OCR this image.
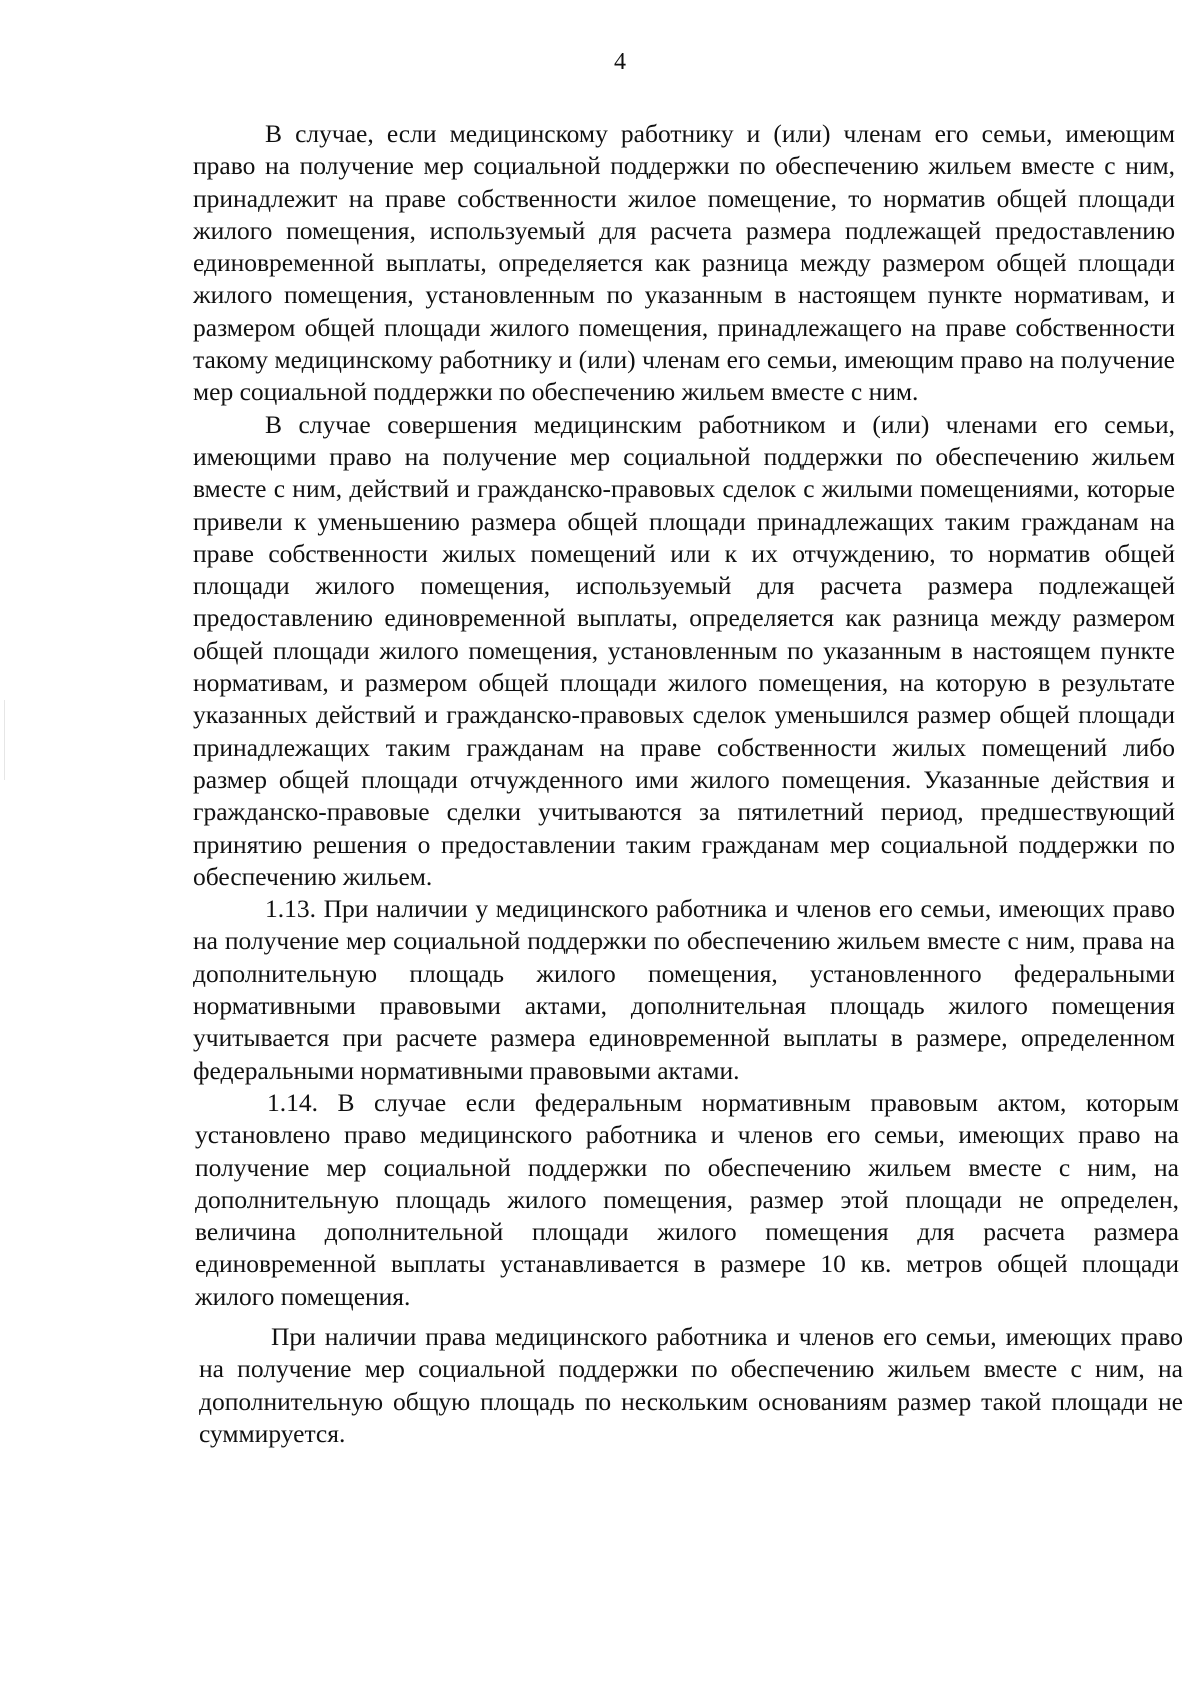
4

В случае, если медицинскому работнику и (или) членам его семьи, имеющим право на получение мер социальной поддержки по обеспечению жильем вместе с ним, принадлежит на праве собственности жилое помещение, то норматив общей площади жилого помещения, используемый для расчета размера подлежащей предоставлению единовременной выплаты, определяется как разница между размером общей площади жилого помещения, установленным по указанным в настоящем пункте нормативам, и размером общей площади жилого помещения, принадлежащего на праве собственности такому медицинскому работнику и (или) членам его семьи, имеющим право на получение мер социальной поддержки по обеспечению жильем вместе с ним.

В случае совершения медицинским работником и (или) членами его семьи, имеющими право на получение мер социальной поддержки по обеспечению жильем вместе с ним, действий и гражданско-правовых сделок с жилыми помещениями, которые привели к уменьшению размера общей площади принадлежащих таким гражданам на праве собственности жилых помещений или к их отчуждению, то норматив общей площади жилого помещения, используемый для расчета размера подлежащей предоставлению единовременной выплаты, определяется как разница между размером общей площади жилого помещения, установленным по указанным в настоящем пункте нормативам, и размером общей площади жилого помещения, на которую в результате указанных действий и гражданско-правовых сделок уменьшился размер общей площади принадлежащих таким гражданам на праве собственности жилых помещений либо размер общей площади отчужденного ими жилого помещения. Указанные действия и гражданско-правовые сделки учитываются за пятилетний период, предшествующий принятию решения о предоставлении таким гражданам мер социальной поддержки по обеспечению жильем.

1.13. При наличии у медицинского работника и членов его семьи, имеющих право на получение мер социальной поддержки по обеспечению жильем вместе с ним, права на дополнительную площадь жилого помещения, установленного федеральными нормативными правовыми актами, дополнительная площадь жилого помещения учитывается при расчете размера единовременной выплаты в размере, определенном федеральными нормативными правовыми актами.

1.14. В случае если федеральным нормативным правовым актом, которым установлено право медицинского работника и членов его семьи, имеющих право на получение мер социальной поддержки по обеспечению жильем вместе с ним, на дополнительную площадь жилого помещения, размер этой площади не определен, величина дополнительной площади жилого помещения для расчета размера единовременной выплаты устанавливается в размере 10 кв. метров общей площади жилого помещения.

При наличии права медицинского работника и членов его семьи, имеющих право на получение мер социальной поддержки по обеспечению жильем вместе с ним, на дополнительную общую площадь по нескольким основаниям размер такой площади не суммируется.
